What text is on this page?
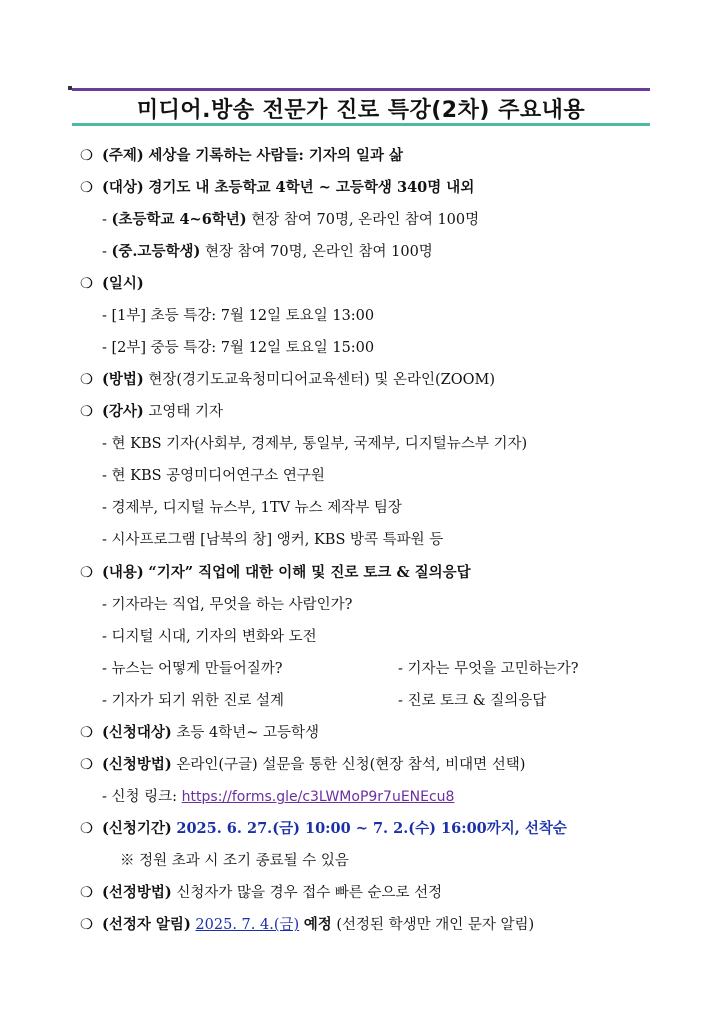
미디어.방송 전문가 진로 특강(2차) 주요내용
❍ (주제) 세상을 기록하는 사람들: 기자의 일과 삶
❍ (대상) 경기도 내 초등학교 4학년 ~ 고등학생 340명 내외
- (초등학교 4~6학년) 현장 참여 70명, 온라인 참여 100명
- (중.고등학생) 현장 참여 70명, 온라인 참여 100명
❍ (일시)
- [1부] 초등 특강: 7월 12일 토요일 13:00
- [2부] 중등 특강: 7월 12일 토요일 15:00
❍ (방법) 현장(경기도교육청미디어교육센터) 및 온라인(ZOOM)
❍ (강사) 고영태 기자
- 현 KBS 기자(사회부, 경제부, 통일부, 국제부, 디지털뉴스부 기자)
- 현 KBS 공영미디어연구소 연구원
- 경제부, 디지털 뉴스부, 1TV 뉴스 제작부 팀장
- 시사프로그램 [남북의 창] 앵커, KBS 방콕 특파원 등
❍ (내용) “기자” 직업에 대한 이해 및 진로 토크 & 질의응답
- 기자라는 직업, 무엇을 하는 사람인가?
- 디지털 시대, 기자의 변화와 도전
- 뉴스는 어떻게 만들어질까?	- 기자는 무엇을 고민하는가?
- 기자가 되기 위한 진로 설계	- 진로 토크 & 질의응답
❍ (신청대상) 초등 4학년~ 고등학생
❍ (신청방법) 온라인(구글) 설문을 통한 신청(현장 참석, 비대면 선택)
- 신청 링크: https://forms.gle/c3LWMoP9r7uENEcu8
❍ (신청기간) 2025. 6. 27.(금) 10:00 ~ 7. 2.(수) 16:00까지, 선착순
※ 정원 초과 시 조기 종료될 수 있음
❍ (선정방법) 신청자가 많을 경우 접수 빠른 순으로 선정
❍ (선정자 알림) 2025. 7. 4.(금) 예정 (선정된 학생만 개인 문자 알림)
